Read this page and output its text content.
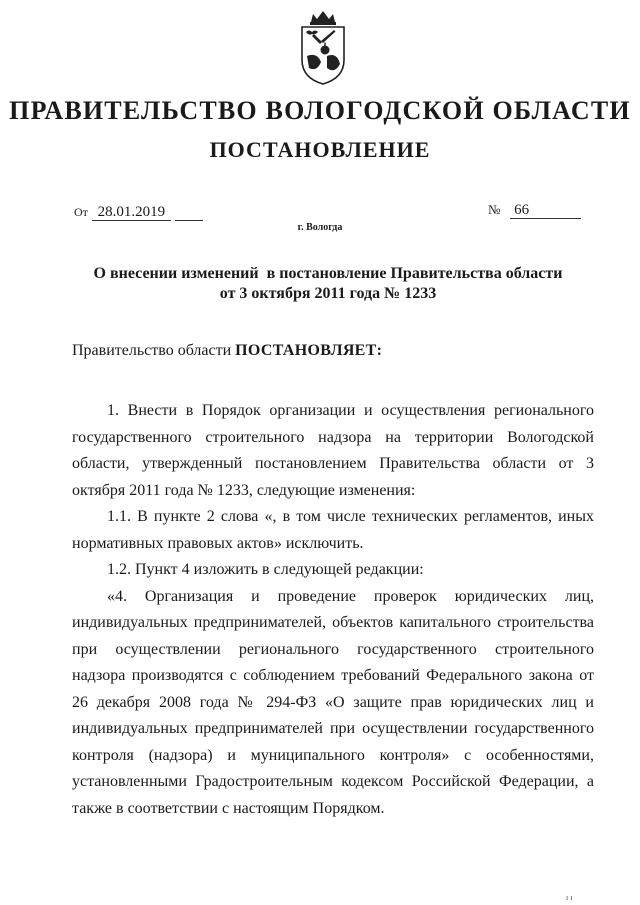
ПРАВИТЕЛЬСТВО ВОЛОГОДСКОЙ ОБЛАСТИ
ПОСТАНОВЛЕНИЕ
От 28.01.2019	№ 66
г. Вологда
О внесении изменений  в постановление Правительства области
от 3 октября 2011 года № 1233
Правительство области ПОСТАНОВЛЯЕТ:

1. Внести в Порядок организации и осуществления регионального государственного строительного надзора на территории Вологодской области, утвержденный постановлением Правительства области от 3 октября 2011 года № 1233, следующие изменения:

1.1. В пункте 2 слова «, в том числе технических регламентов, иных нормативных правовых актов» исключить.

1.2. Пункт 4 изложить в следующей редакции:

«4. Организация и проведение проверок юридических лиц, индивидуальных предпринимателей, объектов капитального строительства при осуществлении регионального государственного строительного надзора производятся с соблюдением требований Федерального закона от 26 декабря 2008 года № 294-ФЗ «О защите прав юридических лиц и индивидуальных предпринимателей при осуществлении государственного контроля (надзора) и муниципального контроля» с особенностями, установленными Градостроительным кодексом Российской Федерации, а также в соответствии с настоящим Порядком.

ı ı
